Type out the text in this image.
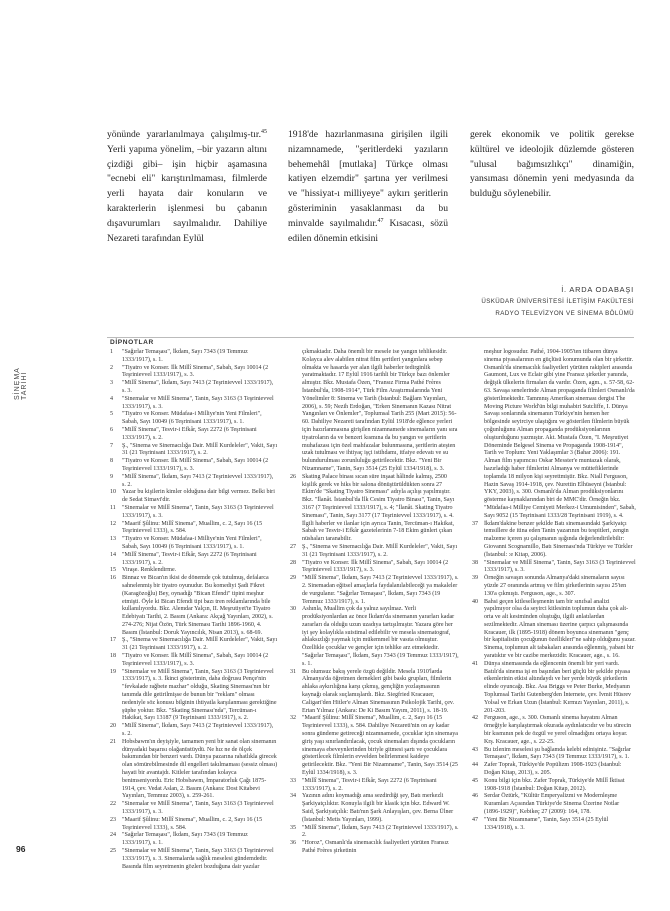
yönünde yararlanılmaya çalışılmış-tır.$^{45}$ Yerli yapıma yönelim, –bir yazarın altını çizdiği gibi– işin hiçbir aşamasına "ecnebi eli" karıştırılmaması, filmlerde yerli hayata dair konuların ve karakterlerin işlenmesi bu çabanın dışavurumları sayılmalıdır. Dahiliye Nezareti tarafından Eylül
1918'de hazırlanmasına girişilen ilgili nizamnamede, "şeritlerdeki yazıların behemehâl [mutlaka] Türkçe olması katiyen elzemdir" şartına yer verilmesi ve "hissiyat-ı milliyeye" aykırı şeritlerin gösteriminin yasaklanması da bu minvalde sayılmalıdır.$^{47}$ Kısacası, sözü edilen dönemin etkisini
gerek ekonomik ve politik gerekse kültürel ve ideolojik düzlemde gösteren "ulusal bağımsızlıkçı" dinamiğin, yansıması dönemin yeni medyasında da bulduğu söylenebilir.
İ. ARDA ODABAŞI
ÜSKÜDAR ÜNİVERSİTESİ İLETİŞİM FAKÜLTESİ
RADYO TELEVİZYON VE SİNEMA BÖLÜMÜ
SİNEMA TARİHİ
DİPNOTLAR
1	"Sağırlar Temaşası", İkdam, Sayı 7343 (19 Temmuz 1333/1917), s. 1.
2	"Tiyatro ve Konser. İlk Millî Sinema", Sabah, Sayı 10014 (2 Teşrinievvel 1333/1917), s. 3.
3	"Millî Sinema", İkdam, Sayı 7413 (2 Teşrinievvel 1333/1917), s. 3.
4	"Sinemalar ve Millî Sinema", Tanin, Sayı 3163 (3 Teşrinievvel 1333/1917), s. 3.
5	"Tiyatro ve Konser. Müdafaa-i Milliye'nin Yeni Filmleri", Sabah, Sayı 10049 (6 Teşrinisani 1333/1917), s. 1.
6	"Millî Sinema", Tesvir-i Efkâr, Sayı 2272 (6 Teşrinisani 1333/1917), s. 2.
7	Ş., "Sinema ve Sinemacılığa Dair. Millî Kurdeleler", Vakit, Sayı 31 (21 Teşrinisani 1333/1917), s. 2.
8	"Tiyatro ve Konser. İlk Millî Sinema", Sabah, Sayı 10014 (2 Teşrinievvel 1333/1917), s. 3.
9	"Millî Sinema", İkdam, Sayı 7413 (2 Teşrinievvel 1333/1917), s. 2.
10 Yazar bu kişilerin kimler olduğuna dair bilgi vermez. Belki biri de Sedat Simavi'dir.
11	"Sinemalar ve Millî Sinema", Tanin, Sayı 3163 (3 Teşrinievvel 1333/1917), s. 3.
12 "Maarif Şûlinu: Millî Sinema", Muallim, c. 2, Sayı 16 (15 Teşrinievvel 1333), s. 584.
13 "Tiyatro ve Konser. Müdafaa-i Milliye'nin Yeni Filmleri", Sabah, Sayı 10049 (6 Teşrinisani 1333/1917), s. 1.
14 "Millî Sinema", Tesvir-i Efkâr, Sayı 2272 (6 Teşrinisani 1333/1917), s. 2.
15 Viraşe. Renklendirme.
16 Binnaz ve Bican'ın ikisi de dönemde çok tutulmuş, defalarca sahnelenmiş bir tiyatro oyunudur. Bu komediyi Şadi Fikret (Karagözoğlu) Bey, oynadığı "Bican Efendi" tipini meşhur etmişti. Öyle ki Bican Efendi tipi bazı tren reklamlarında bile kullanılıyordu. Bkz. Alemdar Yalçın, II. Meşrutiyet'te Tiyatro Edebiyatı Tarihi, 2. Basım (Ankara: Akçağ Yayınları, 2002), s. 274-276; Nijat Özön, Türk Sineması Tarihi 1896-1960, 4. Basım (İstanbul: Doruk Yayıncılık, Nisan 2013), s. 68-69.
17 Ş., "Sinema ve Sinemacılığa Dair. Millî Kurdeleler", Vakit, Sayı 31 (21 Teşrinisani 1333/1917), s. 2.
18 "Tiyatro ve Konser. İlk Millî Sinema", Sabah, Sayı 10014 (2 Teşrinievvel 1333/1917), s. 3.
19 "Sinemalar ve Millî Sinema", Tanin, Sayı 3163 (3 Teşrinievvel 1333/1917), s. 3. İkinci gösterimin, daha doğrusu Pençe'nin "fevkalade rağbete mazhar" olduğu, Skating Sineması'nın bir tanımda dile getirilmişse de bunun bir "reklam" olması nedeniyle söz konusu bilginin ihtiyatla karşılanması gerektiğine şüphe yoktur. Bkz. "Skating Sineması'nda", Tercüman-ı Hakikat, Sayı 13187 (9 Teşrinisani 1333/1917), s. 2.
20 "Millî Sinema", İkdam, Sayı 7413 (2 Teşrinievvel 1333/1917), s. 2.
21 Hobsbawm'ın deyişiyle, tamamen yeni bir sanat olan sinemanın dünyadaki başarısı olağanüstüydü. Ne hız ne de ölçek bakımından bir benzeri vardı. Dünya pazarına rahatlıkla girecek olan sömürebilmesinde dil engelleri takılmaması (sessiz olması) hayati bir avantajdı. Kitleler tarafından kolayca benimseniyordu. Eric Hobsbawm, İmparatorluk Çağı 1875-1914, çev. Vedat Aslan, 2. Basım (Ankara: Dost Kitabevi Yayınları, Temmuz 2003), s. 259-261.
22 "Sinemalar ve Millî Sinema", Tanin, Sayı 3163 (3 Teşrinievvel 1333/1917), s. 3.
23 "Maarif Şûlinu: Millî Sinema", Muallim, c. 2, Sayı 16 (15 Teşrinievvel 1333), s. 584.
24 "Sağırlar Temaşası", İkdam, Sayı 7343 (19 Temmuz 1333/1917), s. 1.
25 "Sinemalar ve Millî Sinema", Tanin, Sayı 3163 (3 Teşrinievvel 1333/1917), s. 3. Sinemalarda sağlık meselesi gündemdedir. Basında film seyretmenin gözleri bozduğuna dair yazılar
çıkmaktadır. Daha önemli bir mesele ise yangın tehlikesidir. Kolayca alev alabilen nitrat film şeritleri yangınlara sebep olmakta ve hasarda yer alan ilgili haberler tedirginlik yaratmaktadır. 17 Eylül 1916 tarihli bir Türkçe bazı önlemler almıştır. Bkz. Mustafa Özen, "Fransız Firma Pathé Frères İstanbul'da, 1908-1914", Türk Film Araştırmalarında Yeni Yönelimler 8: Sinema ve Tarih (İstanbul: Bağlam Yayınları, 2006), s. 59; Nezih Erdoğan, "Erken Sinemanın Kazası Nitrat Yangınları ve Önlemler", Toplumsal Tarih 255 (Mart 2015): 56-60. Dahiliye Nezareti tarafından Eylül 1918'de eğlence yerleri için hazırlanmasına girişilen nizamnamede sinemaların yanı sıra tiyatroların da ve benzeri kısmına da bu yangın ve şeritlerin muhafazası için özel mahfazalar bulunmasına, şeritlerin ateşten uzak tutulması ve ihtiyaç işçi istihdamı, itfaiye edevatı ve su bulundurulması zorunluluğu getirilecektir. Bkz. "Yeni Bir Nizamname", Tanin, Sayı 3514 (25 Eylül 1334/1918), s. 3.
26 Skating Palace binası sıcan süre inşaat hâlinde kalmış, 2500 kişilik gerek ve hiks bir salona dönüştürüldükten sonra 27 Ekim'de "Skating Tiyatro Sineması" adıyla açılışı yapılmıştır. Bkz. "İlanât. İstanbul'da İlk Cesim Tiyatro Binası", Tanin, Sayı 3167 (7 Teşrinievvel 1333/1917), s. 4; "İlanât. Skating Tiyatro Sineması", Tanin, Sayı 3177 (17 Teşrinievvel 1333/1917), s. 4. İlgili haberler ve ilanlar için ayrıca Tanin, Tercüman-ı Hakikat, Sabah ve Tesvir-i Efkâr gazetelerinin 7-18 Ekim günleri çıkan nüshaları taranabilir.
27 Ş., "Sinema ve Sinemacılığa Dair. Millî Kurdeleler", Vakit, Sayı 31 (21 Teşrinisani 1333/1917), s. 2.
28 "Tiyatro ve Konser. İlk Millî Sinema", Sabah, Sayı 10014 (2 Teşrinievvel 1333/1917), s. 3.
29 "Millî Sinema", İkdam, Sayı 7413 (2 Teşrinievvel 1333/1917), s. 2. Sinemadan eğitsel amaçlarla faydalanılabileceği ya makaleler de vurgulanır. "Sağırlar Temaşası", İkdam, Sayı 7343 (19 Temmuz 1333/1917), s. 1.
30 Ashınla, Muallim çok da yalnız sayılmaz. Yerli prodüksiyonlardan az önce İkdam'da sinemanın yararları kadar zararları da olduğu uzun uzadıya tartışılmıştır. Yazara göre her iyi şey kolaylıkla suistimal edilebilir ve mesela sinematograf, ahlaksızlığı yaymak için mükemmel bir vasıta olmuştur. Özellikle çocuklar ve gençler için tehlike arz etmektedir. "Sağırlar Temaşası", İkdam, Sayı 7343 (19 Temmuz 1333/1917), s. 1.
31 Bu olumsuz bakış yerele özgü değildir. Mesela 1910'larda Almanya'da öğretmen dernekleri gibi baskı grupları, filmlerin ahlaka aykırılığına karşı çıkmış, gençliğin yozlaşmasının kaynağı olarak suçlamışlardı. Bkz. Siegfried Kracauer, Caligari'den Hitler'e Alman Sinemasının Psikolojik Tarihi, çev. Ertan Yılmaz (Ankara: De Ki Basım Yayım, 2011), s. 18-19.
32 "Maarif Şûlinu: Millî Sinema", Muallim, c. 2, Sayı 16 (15 Teşrinievvel 1333), s. 584. Dahiliye Nezareti'nin on ay kadar sonra gündeme getireceği nizamnamede, çocuklar için sinemaya giriş yaşı sınırlandırılacak, çocuk sinemaları dışında çocukların sinemaya ebeveynlerinden biriyle gitmesi şartı ve çocuklara gösterilecek filmlerin evvelden belirlenmesi kaideye getirilecektir. Bkz. "Yeni Bir Nizamname", Tanin, Sayı 3514 (25 Eylül 1334/1918), s. 3.
33 "Millî Sinema", Tesvir-i Efkâr, Sayı 2272 (6 Teşrinisani 1333/1917), s. 2.
34 Yazının adını koymadığı ama sezdirdiği şey, Batı merkezli Şarkiyatçılıktır. Konuyla ilgili bir klasik için bkz. Edward W. Said, Şarkiyatçılık: Batı'nın Şark Anlayışları, çev. Berna Ülner (İstanbul: Metis Yayınları, 1999).
35 "Millî Sinema", İkdam, Sayı 7413 (2 Teşrinievvel 1333/1917), s. 2.
36 "Horoz", Osmanlı'da sinemacılık faaliyetleri yürüten Fransız Pathé Frères şirketinin
meşhur logosudur. Pathé, 1904-1905'ten itibaren dünya sinema piyasalarının en güçlüsü konumunda olan bir şirkettir. Osmanlı'da sinemacılık faaliyetleri yürüten rakipleri arasında Gaumont, Lux ve Eclair gibi yine Fransız şirketler yanında, değişik ülkelerin firmaları da vardır. Özen, agm., s. 57-58, 62-63. Savaşa senelerinde Alman propaganda filmleri Osmanlı'da gösterilmektedir. Tammnış Amerikan sineması dergisi The Moving Picture World'ün bilgi muhabiri Sutcliffe, I. Dünya Savaşı sonlarında sinemanın Türkiye'nin hemen her bölgesinde seyirciye ulaştığını ve gösterilen filmlerin büyük çoğunluğunu Alman propaganda prodüksiyonlarının oluşturduğunu yazmıştır. Akt. Mustafa Özen, "I. Meşrutiyet Döneminde Belgesel Sinema ve Propaganda 1908-1914", Tarih ve Toplum: Yeni Yaklaşımlar 3 (Bahar 2006): 191. Alman film yapımcısı Oskar Messter'e muntazak olarak, hazırladığı haber filmlerini Almanya ve müttefiklerinde toplamda 18 milyon kişi seyrettmiştir. Bkz. Niall Ferguson, Hazin Savaş 1914-1918, çev. Nurettin Elhüseyni (İstanbul: YKY, 2003), s. 300. Osmanlı'da Alman prodüksiyonlarını gösterme kaynaklarından biri de MMC'dir. Örneğin bkz. "Müdafaa-i Milliye Cemiyeti Merkez-i Umumisinden", Sabah, Sayı 9052 (15 Teşrinisani 1333/28 Teşrinisani 1919), s. 4.
37 İkdam'dakine benzer şekilde Batı sinemasındaki Şarkiyatçı temsillere de itina eden Tanin yazarının bu tespitleri, zengin malzeme içeren şu çalışmanın ışığında değerlendirilebilir: Giovanni Scognamillo, Batı Sineması'nda Türkiye ve Türkler (İstanbul: :e Kitap, 2006).
38 "Sinemalar ve Millî Sinema", Tanin, Sayı 3163 (3 Teşrinievvel 1333/1917), s. 3.
39 Örneğin savaşın sonunda Almanya'daki sinemaların sayısı yüzde 27 oranında artmış ve film şirketlerinin sayısı 25'ten 130'a çıkmıştı. Ferguson, age., s. 307.
40 Bahsi geçen kitleselleşmenin tam bir sınıfsal analizi yapılmıyor olsa da seyirci kitlesinin toplumun daha çok alt-orta ve alt kesiminden oluştuğu, ilgili anlatılardan sezilmektedir. Alman sineması üzerine çarpıcı çalışmasında Kracauer, ilk (1895-1918) dönem boyunca sinemanın "genç bir kapitalistin çocuğunun özellikleri"ne sahip olduğunu yazar. Sinema, toplumun alt tabakaları arasında eğlenmiş, yabani bir yaratıktır ve bir cazibe merkezidir. Kracauer, age., s. 16.
41 Dünya sinemasında da eğlencenin önemli bir yeri vardı. Batılı'da sinema işi en başından beri güçlü bir şekilde piyasa etkenlerinin etkisi altındaydı ve her yerde büyük şirketlerin elinde oyuncağı. Bkz. Asa Briggs ve Peter Burke, Medyanın Toplumsal Tarihi Gutenberg'den İnternete, çev. İvmit Hüsrev Yolsal ve Erkan Uzun (İstanbul: Kırmızı Yayınları, 2011), s. 201-203.
42 Ferguson, age., s. 300. Osmanlı sinema hayatını Alman örneğiyle karşılaştırmak okurada aydınlatıcıdır ve bu sürecin bir kısmının pek de özgül ve yerel olmadığını ortaya koyar. Krş. Kracauer, age., s. 22-25.
43 Bu izlenim meselesi şu bağlamda kelebi edinişiniz. "Sağırlar Temaşası", İkdam, Sayı 7343 (19 Temmuz 1333/1917), s. 1.
44 Zafer Toprak, Türkiye'de Popülizm 1908-1923 (İstanbul: Doğan Kitap, 2013), s. 205.
45 Konu bilgi için bkz. Zafer Toprak, Türkiye'de Millî İktisat 1908-1918 (İstanbul: Doğan Kitap, 2012).
46 Serdar Öztürk, "Kültür Emperyalizmi ve Modernleşme Kuramları Açısından Türkiye'de Sinema Üzerine Notlar (1896-1929)", Kebikeç 27 (2009): 164, 178.
47 "Yeni Bir Nizamname", Tanin, Sayı 3514 (25 Eylül 1334/1918), s. 3.
96
